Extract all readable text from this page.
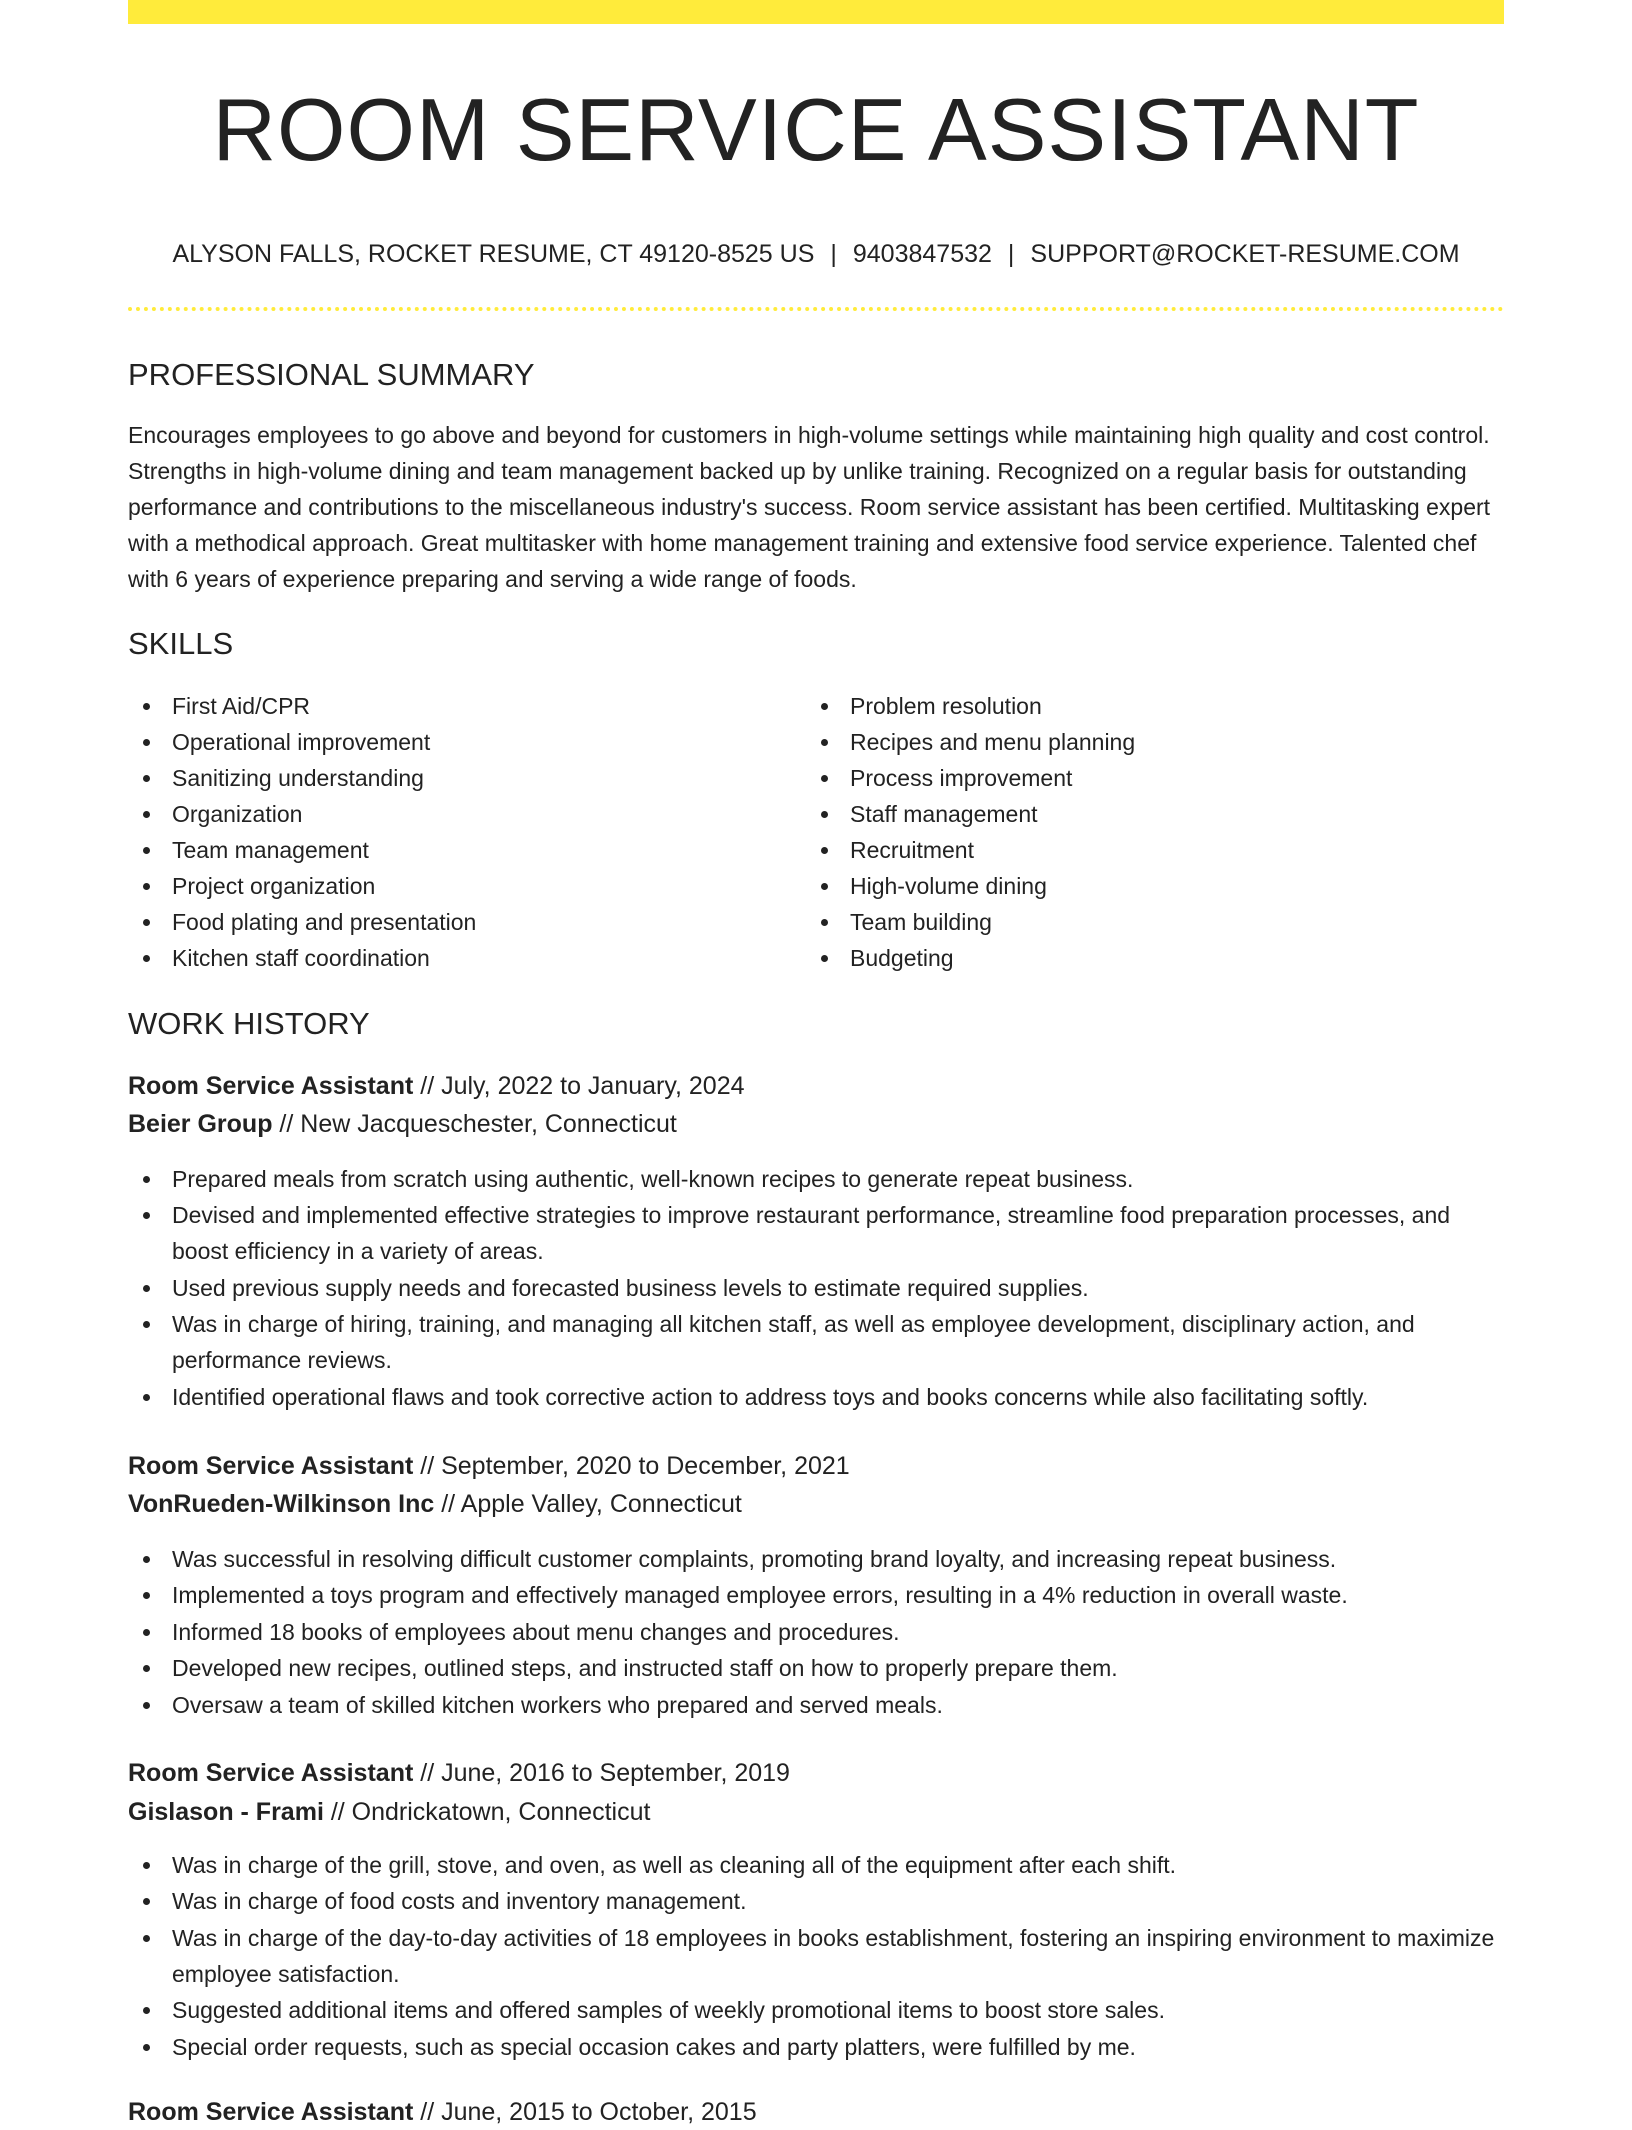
ROOM SERVICE ASSISTANT
ALYSON FALLS, ROCKET RESUME, CT 49120-8525 US | 9403847532 | SUPPORT@ROCKET-RESUME.COM
PROFESSIONAL SUMMARY

Encourages employees to go above and beyond for customers in high-volume settings while maintaining high quality and cost control. Strengths in high-volume dining and team management backed up by unlike training. Recognized on a regular basis for outstanding performance and contributions to the miscellaneous industry's success. Room service assistant has been certified. Multitasking expert with a methodical approach. Great multitasker with home management training and extensive food service experience. Talented chef with 6 years of experience preparing and serving a wide range of foods.

SKILLS
First Aid/CPR
Operational improvement
Sanitizing understanding
Organization
Team management
Project organization
Food plating and presentation
Kitchen staff coordination
Problem resolution
Recipes and menu planning
Process improvement
Staff management
Recruitment
High-volume dining
Team building
Budgeting
WORK HISTORY
Room Service Assistant // July, 2022 to January, 2024
Beier Group // New Jacqueschester, Connecticut
Prepared meals from scratch using authentic, well-known recipes to generate repeat business.
Devised and implemented effective strategies to improve restaurant performance, streamline food preparation processes, and boost efficiency in a variety of areas.
Used previous supply needs and forecasted business levels to estimate required supplies.
Was in charge of hiring, training, and managing all kitchen staff, as well as employee development, disciplinary action, and performance reviews.
Identified operational flaws and took corrective action to address toys and books concerns while also facilitating softly.
Room Service Assistant // September, 2020 to December, 2021
VonRueden-Wilkinson Inc // Apple Valley, Connecticut
Was successful in resolving difficult customer complaints, promoting brand loyalty, and increasing repeat business.
Implemented a toys program and effectively managed employee errors, resulting in a 4% reduction in overall waste.
Informed 18 books of employees about menu changes and procedures.
Developed new recipes, outlined steps, and instructed staff on how to properly prepare them.
Oversaw a team of skilled kitchen workers who prepared and served meals.
Room Service Assistant // June, 2016 to September, 2019
Gislason - Frami // Ondrickatown, Connecticut
Was in charge of the grill, stove, and oven, as well as cleaning all of the equipment after each shift.
Was in charge of food costs and inventory management.
Was in charge of the day-to-day activities of 18 employees in books establishment, fostering an inspiring environment to maximize employee satisfaction.
Suggested additional items and offered samples of weekly promotional items to boost store sales.
Special order requests, such as special occasion cakes and party platters, were fulfilled by me.
Room Service Assistant // June, 2015 to October, 2015
